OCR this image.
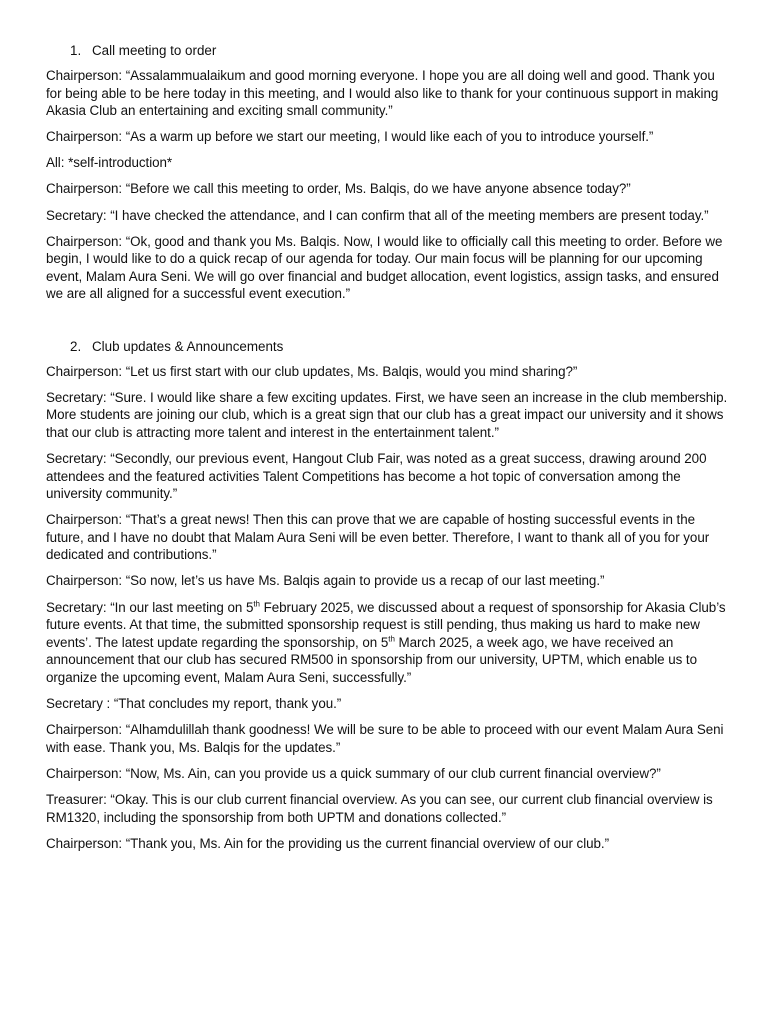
1. Call meeting to order

Chairperson: “Assalammualaikum and good morning everyone. I hope you are all doing well and good. Thank you for being able to be here today in this meeting, and I would also like to thank for your continuous support in making Akasia Club an entertaining and exciting small community.”

Chairperson: “As a warm up before we start our meeting, I would like each of you to introduce yourself.”

All: *self-introduction*

Chairperson: “Before we call this meeting to order, Ms. Balqis, do we have anyone absence today?”

Secretary: “I have checked the attendance, and I can confirm that all of the meeting members are present today.”

Chairperson: “Ok, good and thank you Ms. Balqis. Now, I would like to officially call this meeting to order. Before we begin, I would like to do a quick recap of our agenda for today. Our main focus will be planning for our upcoming event, Malam Aura Seni. We will go over financial and budget allocation, event logistics, assign tasks, and ensured we are all aligned for a successful event execution.”

2. Club updates & Announcements

Chairperson: “Let us first start with our club updates, Ms. Balqis, would you mind sharing?”

Secretary: “Sure. I would like share a few exciting updates. First, we have seen an increase in the club membership. More students are joining our club, which is a great sign that our club has a great impact our university and it shows that our club is attracting more talent and interest in the entertainment talent.”

Secretary: “Secondly, our previous event, Hangout Club Fair, was noted as a great success, drawing around 200 attendees and the featured activities Talent Competitions has become a hot topic of conversation among the university community.”

Chairperson: “That’s a great news! Then this can prove that we are capable of hosting successful events in the future, and I have no doubt that Malam Aura Seni will be even better. Therefore, I want to thank all of you for your dedicated and contributions.”

Chairperson: “So now, let’s us have Ms. Balqis again to provide us a recap of our last meeting.”

Secretary: “In our last meeting on 5th February 2025, we discussed about a request of sponsorship for Akasia Club’s future events. At that time, the submitted sponsorship request is still pending, thus making us hard to make new events’. The latest update regarding the sponsorship, on 5th March 2025, a week ago, we have received an announcement that our club has secured RM500 in sponsorship from our university, UPTM, which enable us to organize the upcoming event, Malam Aura Seni, successfully.”

Secretary : “That concludes my report, thank you.”

Chairperson: “Alhamdulillah thank goodness! We will be sure to be able to proceed with our event Malam Aura Seni with ease. Thank you, Ms. Balqis for the updates.”

Chairperson: “Now, Ms. Ain, can you provide us a quick summary of our club current financial overview?”

Treasurer: “Okay. This is our club current financial overview. As you can see, our current club financial overview is RM1320, including the sponsorship from both UPTM and donations collected.”

Chairperson: “Thank you, Ms. Ain for the providing us the current financial overview of our club.”
